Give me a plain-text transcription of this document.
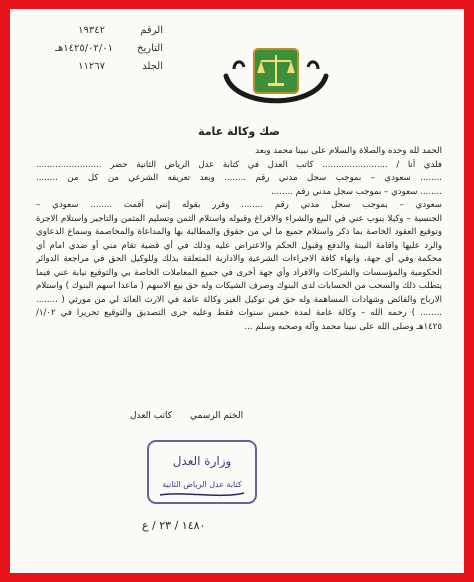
الرقم
١٩٣٤٢
التاريخ
١٤٢٥/٠٢/٠١هـ
الجلد
١١٢٦٧
صك وكالة عامة
الحمد لله وحده والصلاة والسلام على نبينا محمد وبعد
فلدي أنا / ........................ كاتب العدل في كتابة عدل الرياض الثانية حضر ........................
........ سعودي – بموجب سجل مدني رقم ........ وبعد تعريفه الشرعي من كل من ........
........ سعودي – بموجب سجل مدني رقم ........
سعودي – بموجب سجل مدني رقم ........ وقرر بقوله إنني أقمت ........ سعودي –
الجنسية – وكيلا ينوب عني في البيع والشراء والافراغ وقبوله واستلام الثمن وتسليم المثمن والتاجير واستلام الاجرة
وتوقيع العقود الخاصة بما ذكر واستلام جميع ما لي من حقوق والمطالبة بها والمداعاة والمخاصمة وسماع الدعاوي
والرد عليها واقامة البينة والدفع وقبول الحكم والاعتراض عليه وذلك في أي قضية تقام مني أو ضدي امام أي
محكمة وفي أي جهة، وانهاء كافة الاجراءات الشرعية والادارية المتعلقة بذلك وللوكيل الحق في مراجعة الدوائر
الحكومية والمؤسسات والشركات والافراد وأي جهة أخرى في جميع المعاملات الخاصة بي والتوقيع نيابة عني فيما
يتطلب ذلك والسحب من الحسابات لدى البنوك وصرف الشيكات وله حق بيع الاسهم ( ماعدا اسهم البنوك ) واستلام
الارباح والفائض وشهادات المساهمة وله حق في توكيل الغير وكالة عامة في الارث العائد لي من مورثي ( ........
........ ) رحمه الله – وكالة عامة لمدة خمس سنوات فقط وعليه جرى التصديق والتوقيع تحريرا في ١/٠٢/
١٤٢٥هـ وصلى الله على نبينا محمد وآله وصحبه وسلم ...
الختم الرسمي
كاتب العدل
وزارة العدل
كتابة عدل الرياض الثانية
١٤٨٠ / ٢٣ / ع
